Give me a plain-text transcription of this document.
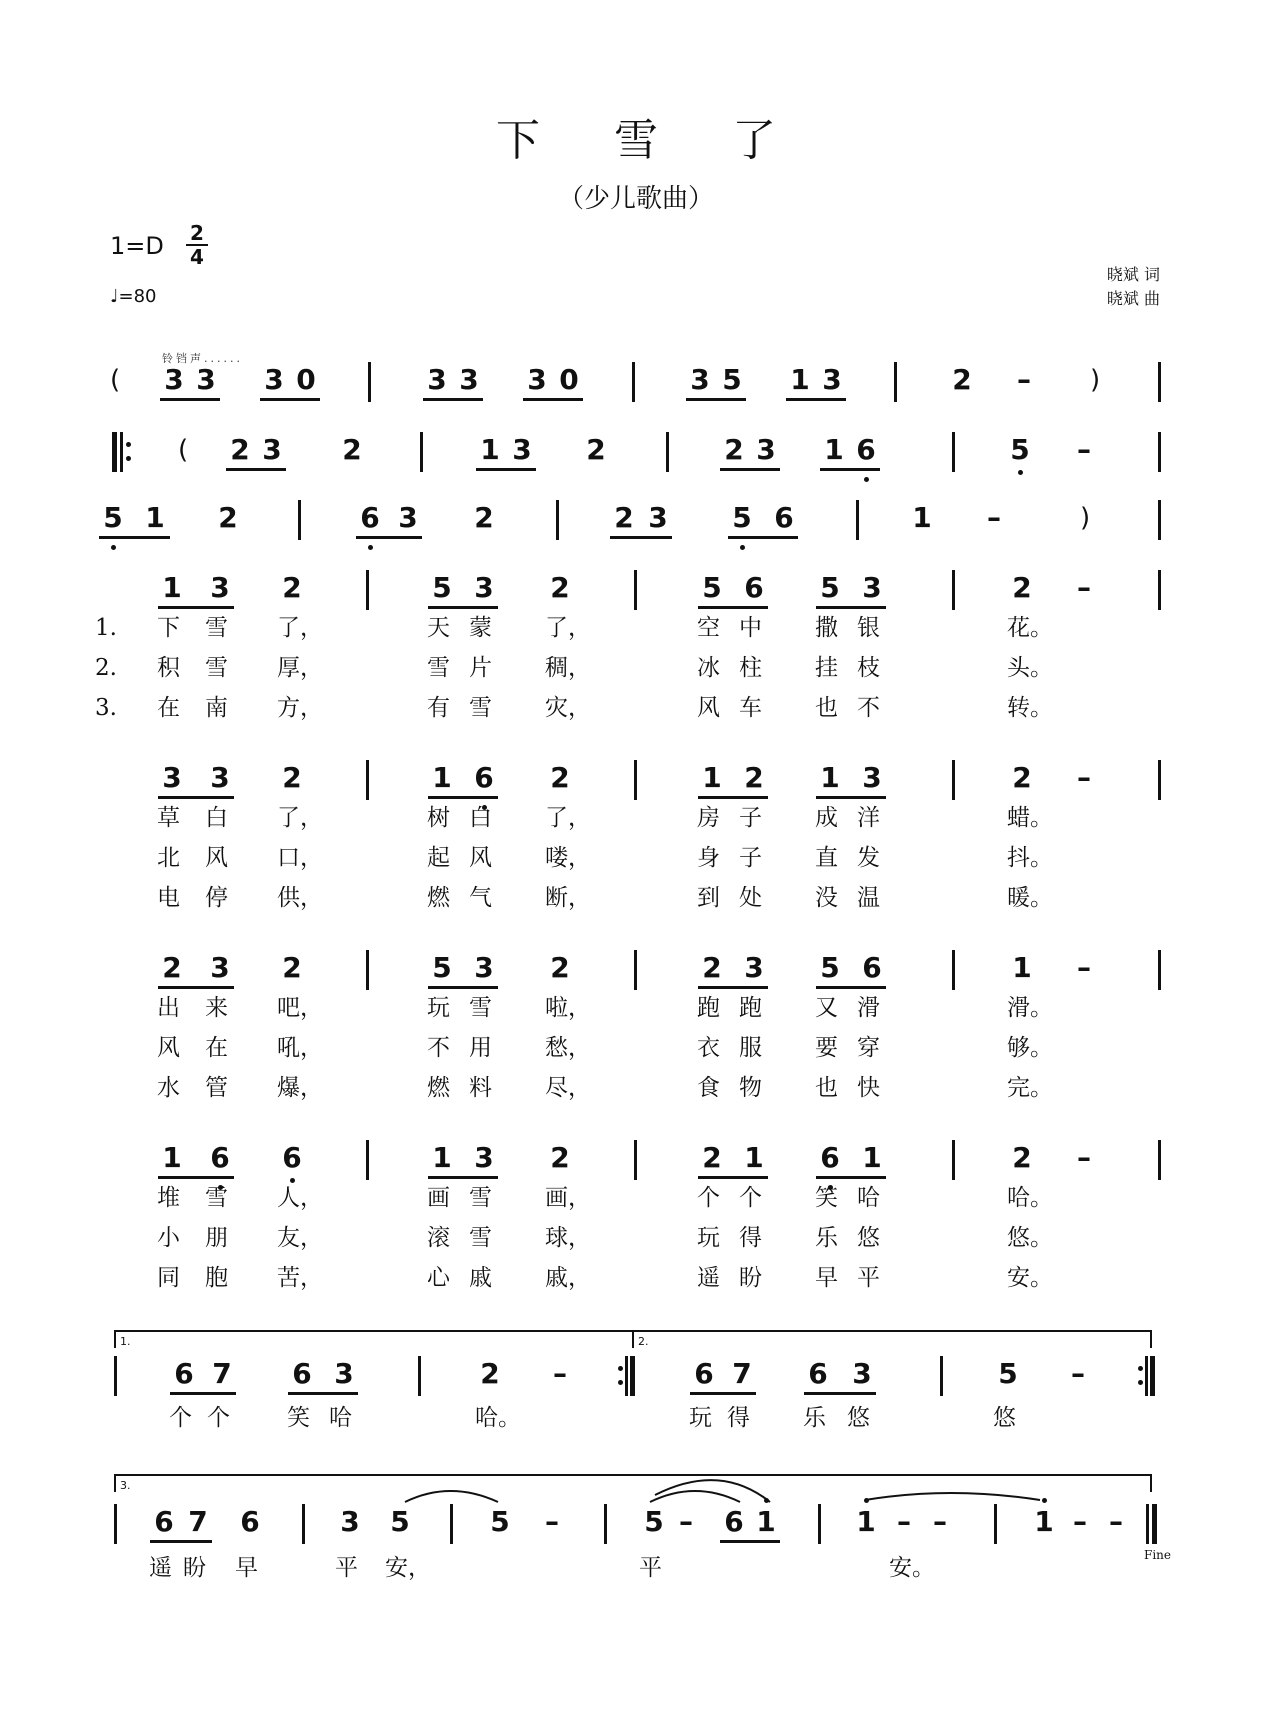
下 雪 了
（少儿歌曲）
1=D 2
4
♩=80
晓斌 词
晓斌 曲
铃铛声......
( 3 3 3 0	3 3 3 0	3 5 1 3	2 –	)
( 2 3 2	1 3 2	2 3 1 6	5 –
5 1 2	6 3 2	2 3 5 6	1 –	)
1 3 2	5 3 2	5 6 5 3	2 –
1.	下	雪	了，	天 蒙	了，	空 中	撒 银	花。
2.	积	雪	厚，	雪 片	稠，	冰 柱	挂 枝	头。
3.	在	南	方，	有 雪	灾，	风 车	也 不	转。
3 3 2	1 6 2	1 2 1 3	2 –
草	白	了，	树 白	了，	房 子	成 洋	蜡。
北	风	口，	起 风	喽，	身 子	直 发	抖。
电	停	供，	燃 气	断，	到 处	没 温	暖。
2 3 2	5 3 2	2 3 5 6	1 –
出	来	吧，	玩 雪	啦，	跑 跑	又 滑	滑。
风	在	吼，	不 用	愁，	衣 服	要 穿	够。
水	管	爆，	燃 料	尽，	食 物	也 快	完。
1 6 6	1 3 2	2 1 6 1	2 –
堆	雪	人，	画 雪	画，	个 个	笑 哈	哈。
小	朋	友，	滚 雪	球，	玩 得	乐 悠	悠。
同	胞	苦，	心 戚	戚，	遥 盼	早 平	安。
1.	2.
6 7 6 3	2 –	6 7 6 3	5 –
个 个	笑 哈	哈。	玩 得	乐 悠	悠
3.
6 7 6	3 5	5 –	5 – 6 1	1 – –	1 – –
Fine
遥 盼	早	平	安，	平	安。
